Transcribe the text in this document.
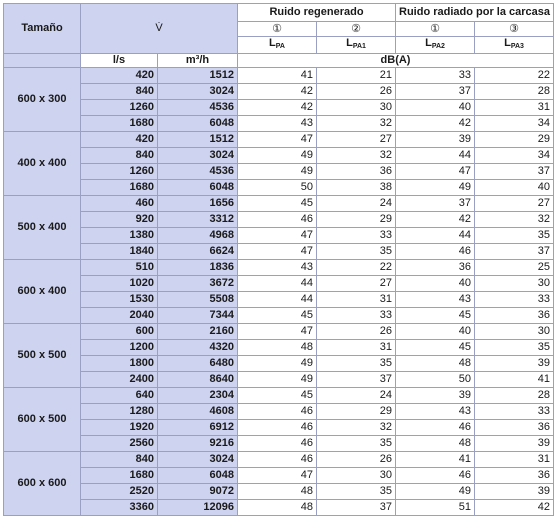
Tamaño	V̇		Ruido regenerado		Ruido radiado por la carcasa	
			①	②	①	③
			$L_{PA}$	$L_{PA1}$	$L_{PA2}$	$L_{PA3}$
	l/s	m³/h	dB(A)			
600 x 300	420	1512	41	21	33	22
	840	3024	42	26	37	28
	1260	4536	42	30	40	31
	1680	6048	43	32	42	34
400 x 400	420	1512	47	27	39	29
	840	3024	49	32	44	34
	1260	4536	49	36	47	37
	1680	6048	50	38	49	40
500 x 400	460	1656	45	24	37	27
	920	3312	46	29	42	32
	1380	4968	47	33	44	35
	1840	6624	47	35	46	37
600 x 400	510	1836	43	22	36	25
	1020	3672	44	27	40	30
	1530	5508	44	31	43	33
	2040	7344	45	33	45	36
500 x 500	600	2160	47	26	40	30
	1200	4320	48	31	45	35
	1800	6480	49	35	48	39
	2400	8640	49	37	50	41
600 x 500	640	2304	45	24	39	28
	1280	4608	46	29	43	33
	1920	6912	46	32	46	36
	2560	9216	46	35	48	39
600 x 600	840	3024	46	26	41	31
	1680	6048	47	30	46	36
	2520	9072	48	35	49	39
	3360	12096	48	37	51	42
